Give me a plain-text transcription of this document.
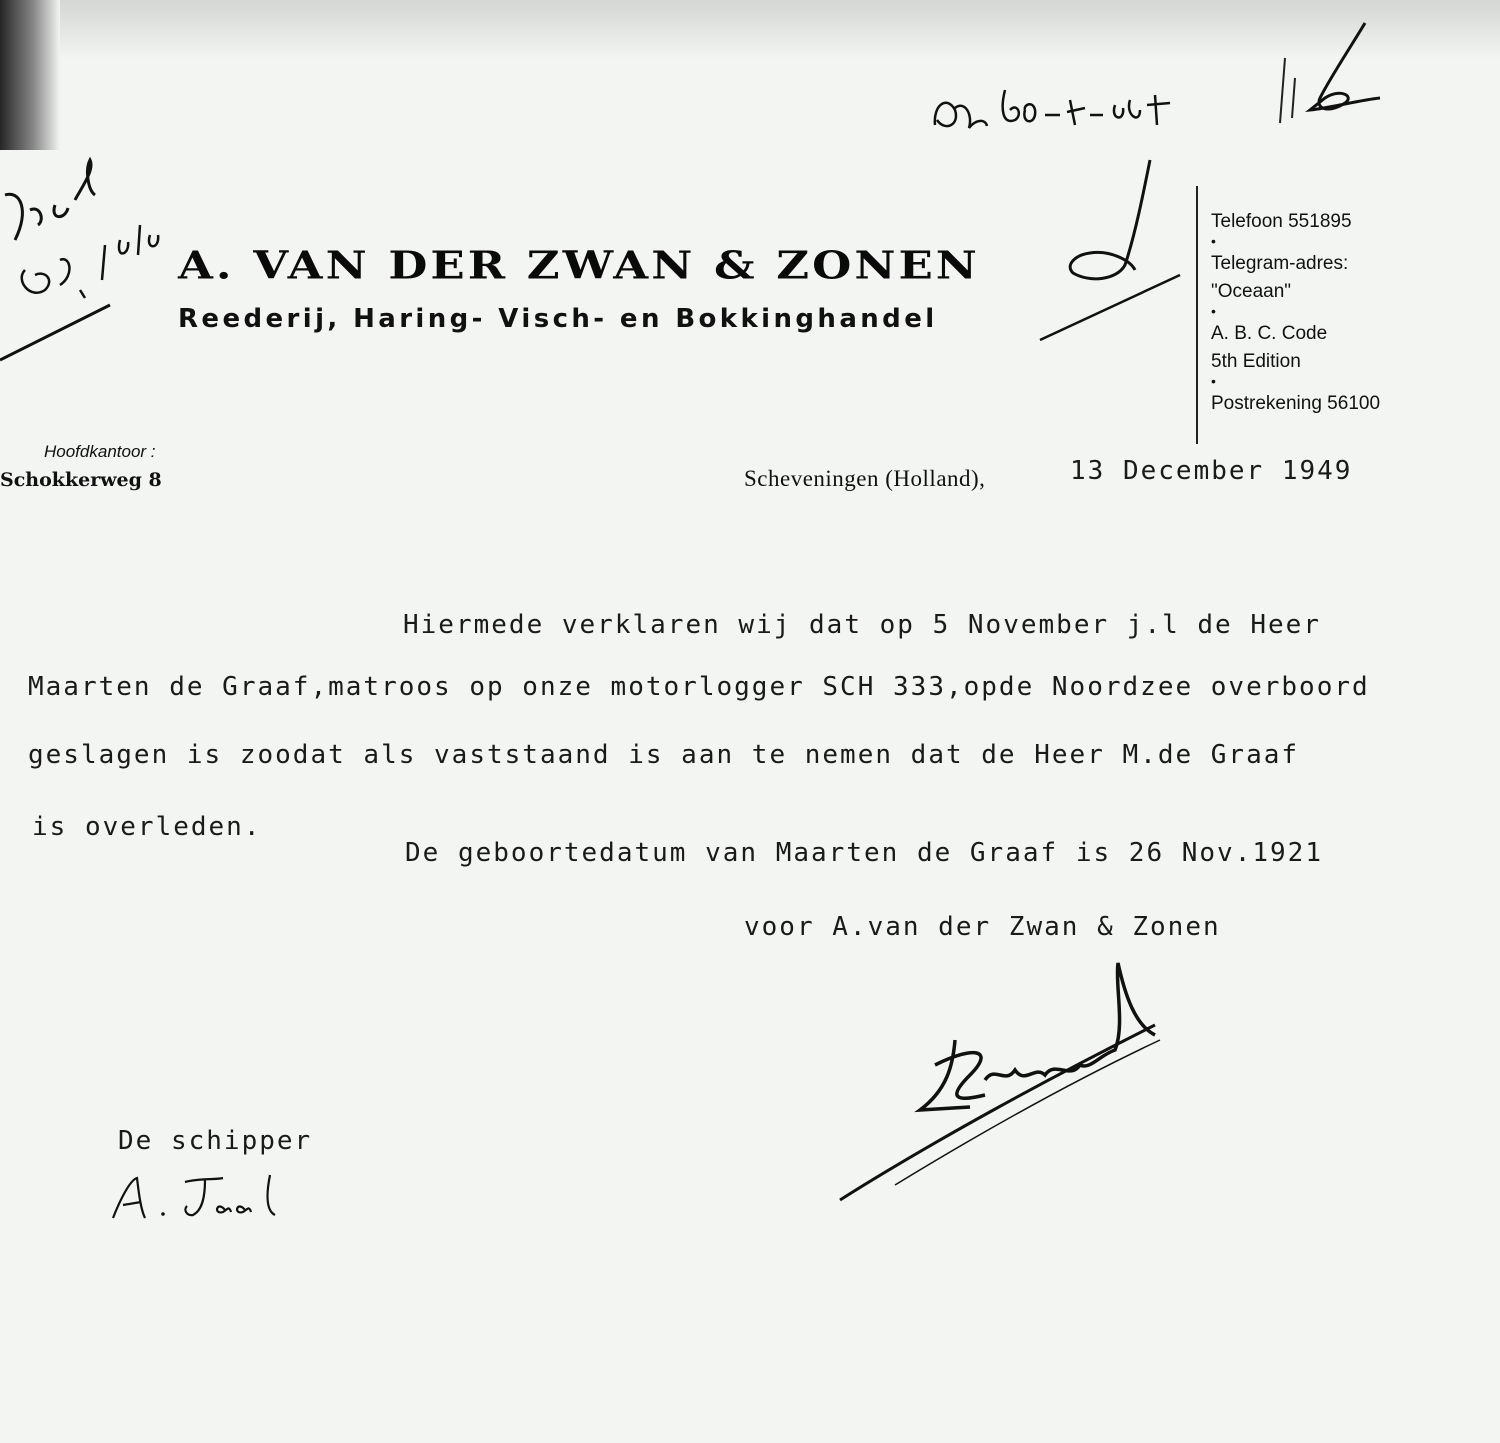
A. VAN DER ZWAN & ZONEN
Reederij, Haring- Visch- en Bokkinghandel
Telefoon 551895
•
Telegram-adres:
"Oceaan"
•
A. B. C. Code
5th Edition
•
Postrekening 56100
Hoofdkantoor :
Schokkerweg 8	Scheveningen (Holland),	13 December 1949
Hiermede verklaren wij dat op 5 November j.l de Heer
Maarten de Graaf,matroos op onze motorlogger SCH 333,opde Noordzee overboord
geslagen is zoodat als vaststaand is aan te nemen dat de Heer M.de Graaf
is overleden.
De geboortedatum van Maarten de Graaf is 26 Nov.1921
voor A.van der Zwan & Zonen
De schipper
